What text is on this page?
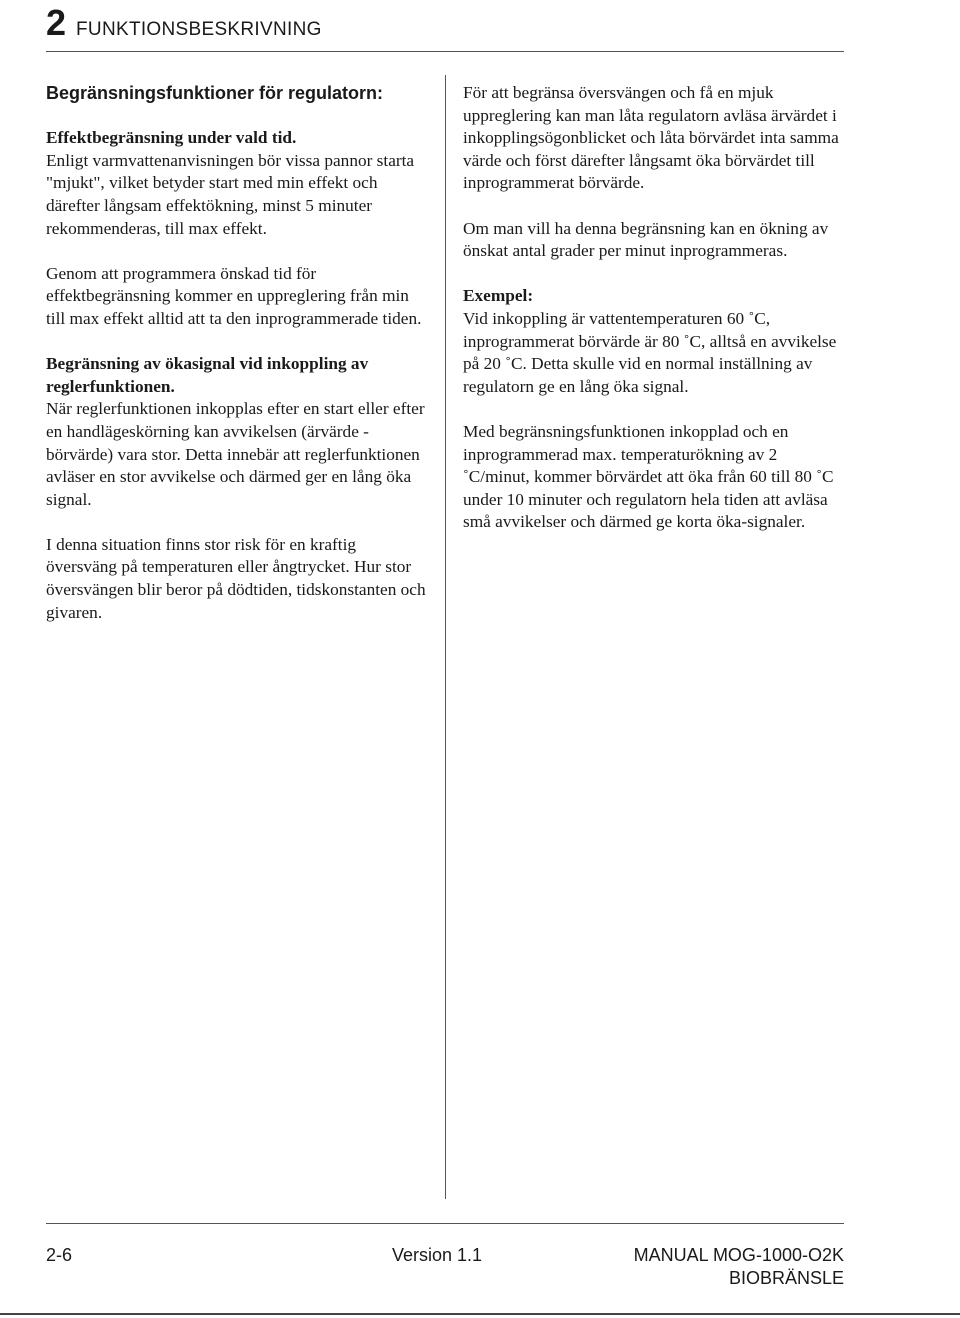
2 FUNKTIONSBESKRIVNING
Begränsningsfunktioner för regulatorn:

Effektbegränsning under vald tid.
Enligt varmvattenanvisningen bör vissa pannor starta "mjukt", vilket betyder start med min effekt och därefter långsam effektökning, minst 5 minuter rekommenderas, till max effekt.

Genom att programmera önskad tid för effektbegränsning kommer en uppreglering från min till max effekt alltid att ta den inprogrammerade tiden.

Begränsning av ökasignal vid inkoppling av reglerfunktionen.
När reglerfunktionen inkopplas efter en start eller efter en handlägeskörning kan avvikelsen (ärvärde - börvärde) vara stor. Detta innebär att reglerfunktionen avläser en stor avvikelse och därmed ger en lång öka signal.

I denna situation finns stor risk för en kraftig översväng på temperaturen eller ångtrycket. Hur stor översvängen blir beror på dödtiden, tidskonstanten och givaren.

För att begränsa översvängen och få en mjuk uppreglering kan man låta regulatorn avläsa ärvärdet i inkopplingsögonblicket och låta börvärdet inta samma värde och först därefter långsamt öka börvärdet till inprogrammerat börvärde.

Om man vill ha denna begränsning kan en ökning av önskat antal grader per minut inprogrammeras.

Exempel:
Vid inkoppling är vattentemperaturen 60 ˚C, inprogrammerat börvärde är 80 ˚C, alltså en avvikelse på 20 ˚C. Detta skulle vid en normal inställning av regulatorn ge en lång öka signal.

Med begränsningsfunktionen inkopplad och en inprogrammerad max. temperaturökning av 2 ˚C/minut, kommer börvärdet att öka från 60 till 80 ˚C under 10 minuter och regulatorn hela tiden att avläsa små avvikelser och därmed ge korta öka-signaler.

2-6	Version 1.1	MANUAL MOG-1000-O2K
BIOBRÄNSLE
